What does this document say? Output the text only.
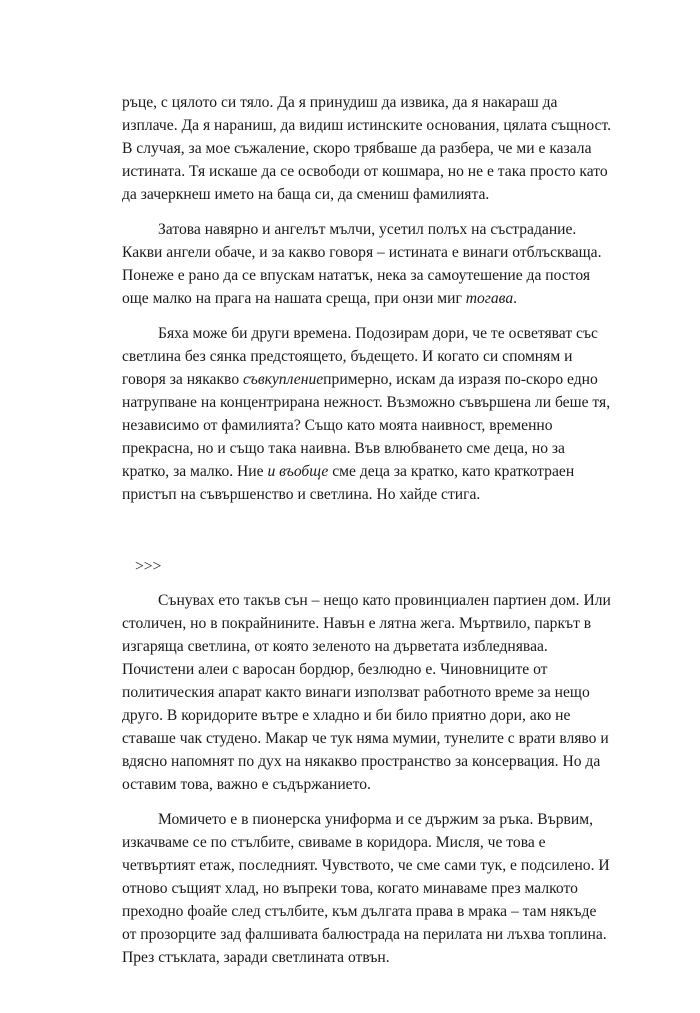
ръце, с цялото си тяло. Да я принудиш да извика, да я накараш да
изплаче. Да я нараниш, да видиш истинските основания, цялата същност.
В случая, за мое съжаление, скоро трябваше да разбера, че ми е казала
истината. Тя искаше да се освободи от кошмара, но не е така просто като
да зачеркнеш името на баща си, да смениш фамилията.
Затова навярно и ангелът мълчи, усетил полъх на състрадание.
Какви ангели обаче, и за какво говоря – истината е винаги отблъскваща.
Понеже е рано да се впускам нататък, нека за самоутешение да постоя
още малко на прага на нашата среща, при онзи миг тогава.
Бяха може би други времена. Подозирам дори, че те осветяват със
светлина без сянка предстоящето, бъдещето. И когато си спомням и
говоря за някакво съвкуплениепримерно, искам да изразя по-скоро едно
натрупване на концентрирана нежност. Възможно съвършена ли беше тя,
независимо от фамилията? Също като моята наивност, временно
прекрасна, но и също така наивна. Във влюбването сме деца, но за
кратко, за малко. Ние и въобще сме деца за кратко, като краткотраен
пристъп на съвършенство и светлина. Но хайде стига.
>>>
Сънувах ето такъв сън – нещо като провинциален партиен дом. Или
столичен, но в покрайнините. Навън е лятна жега. Мъртвило, паркът в
изгаряща светлина, от която зеленото на дърветата избледняваа.
Почистени алеи с варосан бордюр, безлюдно е. Чиновниците от
политическия апарат както винаги използват работното време за нещо
друго. В коридорите вътре е хладно и би било приятно дори, ако не
ставаше чак студено. Макар че тук няма мумии, тунелите с врати вляво и
вдясно напомнят по дух на някакво пространство за консервация. Но да
оставим това, важно е съдържанието.
Момичето е в пионерска униформа и се държим за ръка. Вървим,
изкачваме се по стълбите, свиваме в коридора. Мисля, че това е
четвъртият етаж, последният. Чувството, че сме сами тук, е подсилено. И
отново същият хлад, но въпреки това, когато минаваме през малкото
преходно фоайе след стълбите, към дългата права в мрака – там някъде
от прозорците зад фалшивата балюстрада на перилата ни лъхва топлина.
През стъклата, заради светлината отвън.
